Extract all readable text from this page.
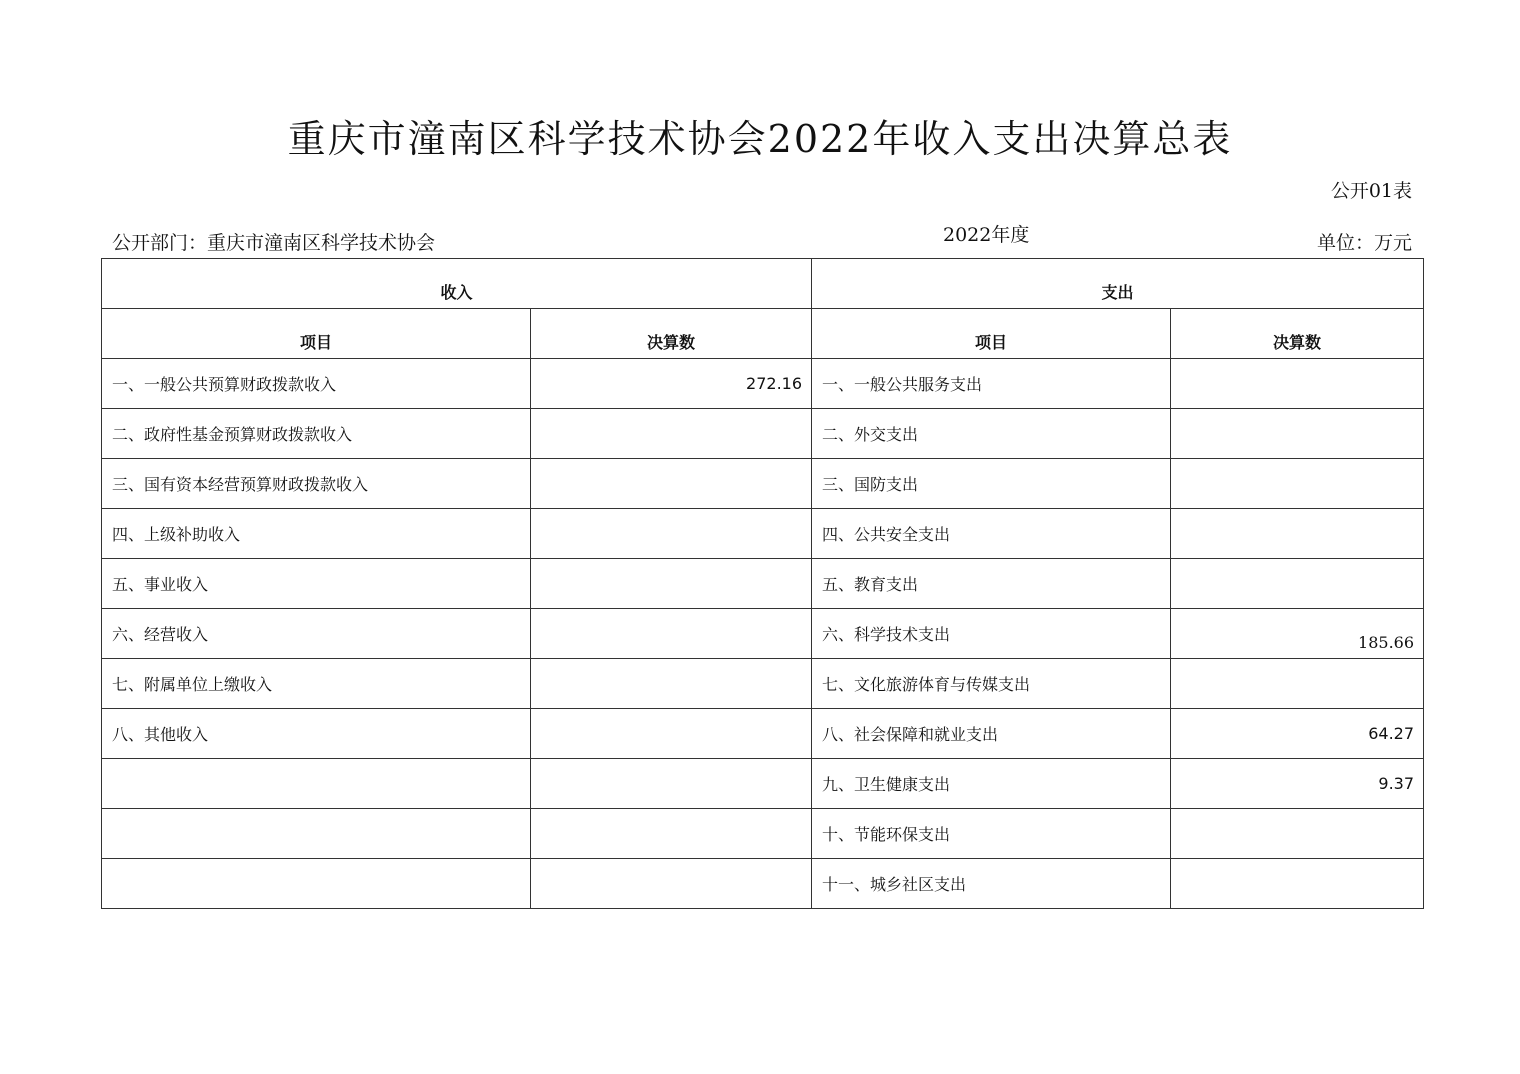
重庆市潼南区科学技术协会2022年收入支出决算总表
公开01表
公开部门：重庆市潼南区科学技术协会	2022年度	单位：万元
收入		支出	
项目	决算数	项目	决算数
一、一般公共预算财政拨款收入	272.16	一、一般公共服务支出	
二、政府性基金预算财政拨款收入		二、外交支出	
三、国有资本经营预算财政拨款收入		三、国防支出	
四、上级补助收入		四、公共安全支出	
五、事业收入		五、教育支出	
六、经营收入		六、科学技术支出	185.66
七、附属单位上缴收入		七、文化旅游体育与传媒支出	
八、其他收入		八、社会保障和就业支出	64.27
		九、卫生健康支出	9.37
		十、节能环保支出	
		十一、城乡社区支出	
